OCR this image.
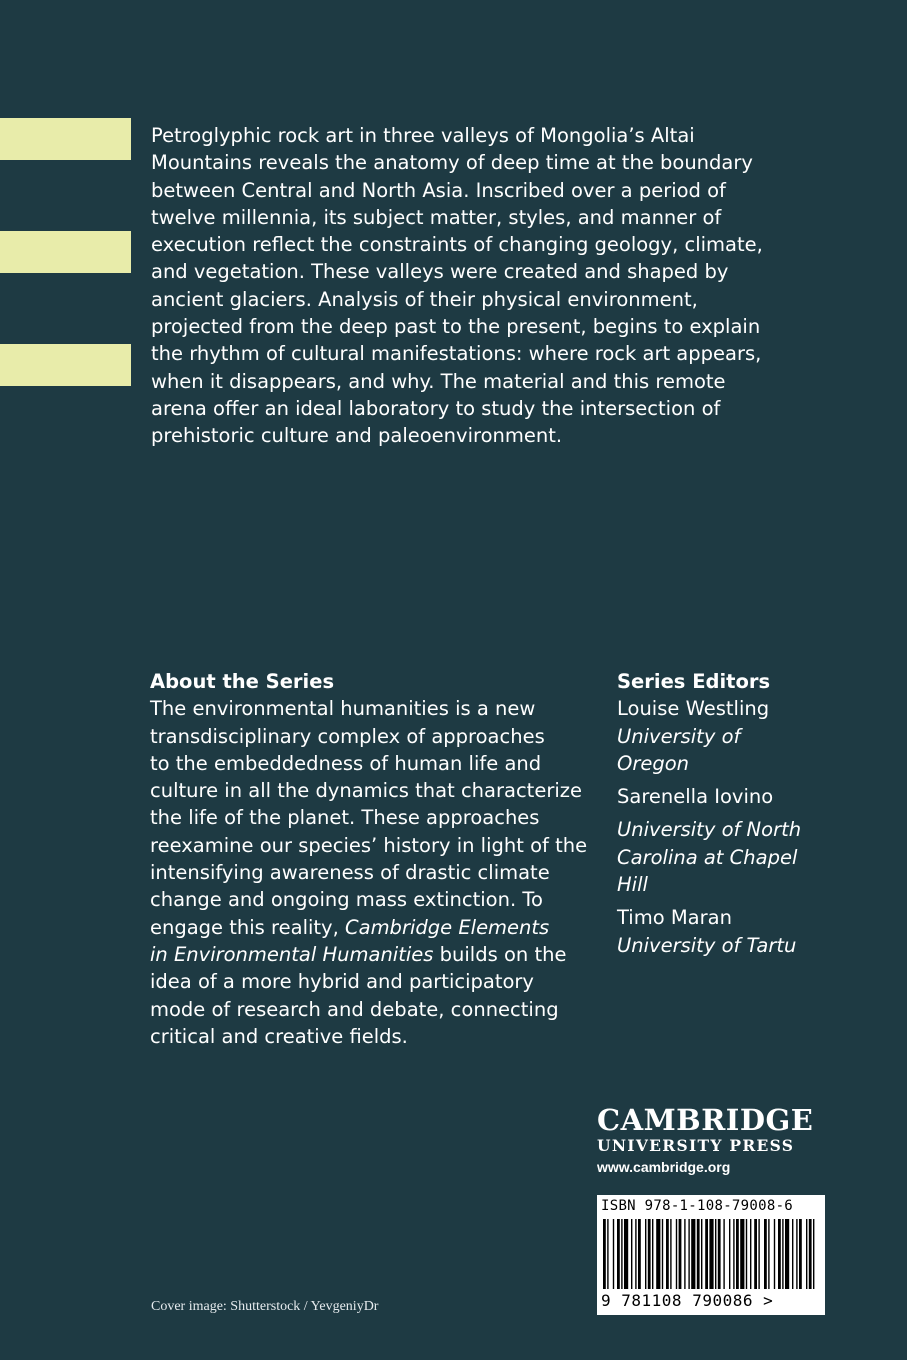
Petroglyphic rock art in three valleys of Mongolia’s Altai
Mountains reveals the anatomy of deep time at the boundary
between Central and North Asia. Inscribed over a period of
twelve millennia, its subject matter, styles, and manner of
execution reflect the constraints of changing geology, climate,
and vegetation. These valleys were created and shaped by
ancient glaciers. Analysis of their physical environment,
projected from the deep past to the present, begins to explain
the rhythm of cultural manifestations: where rock art appears,
when it disappears, and why. The material and this remote
arena offer an ideal laboratory to study the intersection of
prehistoric culture and paleoenvironment.
About the Series
The environmental humanities is a new
transdisciplinary complex of approaches
to the embeddedness of human life and
culture in all the dynamics that characterize
the life of the planet. These approaches
reexamine our species’ history in light of the
intensifying awareness of drastic climate
change and ongoing mass extinction. To
engage this reality, Cambridge Elements
in Environmental Humanities builds on the
idea of a more hybrid and participatory
mode of research and debate, connecting
critical and creative fields.
Series Editors
Louise Westling
University of
Oregon
Sarenella Iovino
University of North
Carolina at Chapel
Hill
Timo Maran
University of Tartu
CAMBRIDGE
UNIVERSITY PRESS
www.cambridge.org
ISBN 978-1-108-79008-6
9 781108 790086 >
Cover image: Shutterstock / YevgeniyDr
